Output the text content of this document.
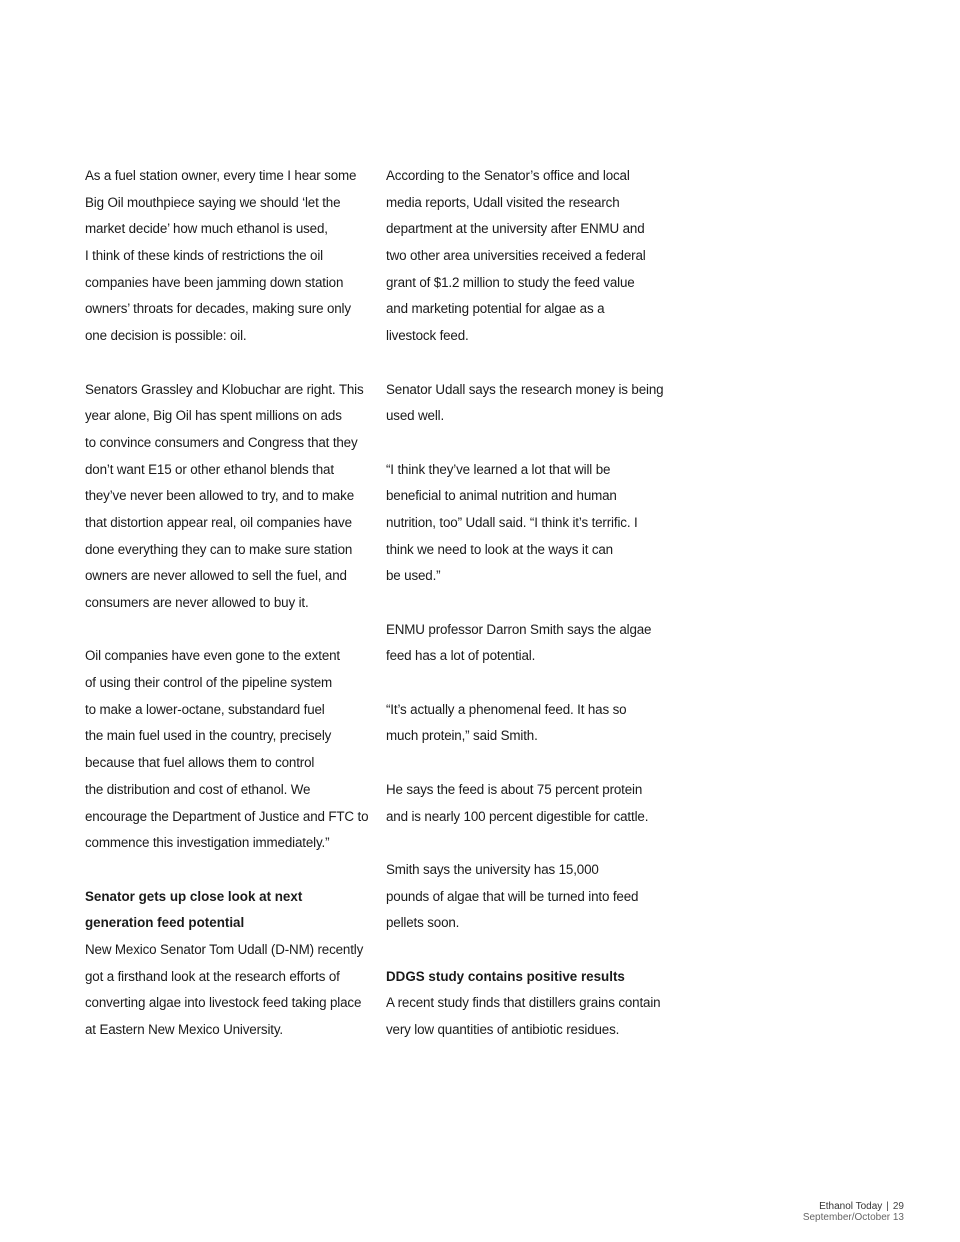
As a fuel station owner, every time I hear some
Big Oil mouthpiece saying we should ‘let the
market decide’ how much ethanol is used,
I think of these kinds of restrictions the oil
companies have been jamming down station
owners’ throats for decades, making sure only
one decision is possible: oil.
Senators Grassley and Klobuchar are right. This
year alone, Big Oil has spent millions on ads
to convince consumers and Congress that they
don’t want E15 or other ethanol blends that
they’ve never been allowed to try, and to make
that distortion appear real, oil companies have
done everything they can to make sure station
owners are never allowed to sell the fuel, and
consumers are never allowed to buy it.
Oil companies have even gone to the extent
of using their control of the pipeline system
to make a lower-octane, substandard fuel
the main fuel used in the country, precisely
because that fuel allows them to control
the distribution and cost of ethanol. We
encourage the Department of Justice and FTC to
commence this investigation immediately.”
Senator gets up close look at next
generation feed potential
New Mexico Senator Tom Udall (D-NM) recently
got a firsthand look at the research efforts of
converting algae into livestock feed taking place
at Eastern New Mexico University.
According to the Senator’s office and local
media reports, Udall visited the research
department at the university after ENMU and
two other area universities received a federal
grant of $1.2 million to study the feed value
and marketing potential for algae as a
livestock feed.
Senator Udall says the research money is being
used well.
“I think they’ve learned a lot that will be
beneficial to animal nutrition and human
nutrition, too” Udall said. “I think it’s terrific. I
think we need to look at the ways it can
be used.”
ENMU professor Darron Smith says the algae
feed has a lot of potential.
“It’s actually a phenomenal feed. It has so
much protein,” said Smith.
He says the feed is about 75 percent protein
and is nearly 100 percent digestible for cattle.
Smith says the university has 15,000
pounds of algae that will be turned into feed
pellets soon.
DDGS study contains positive results
A recent study finds that distillers grains contain
very low quantities of antibiotic residues.
Ethanol Today | 29
September/October 13
